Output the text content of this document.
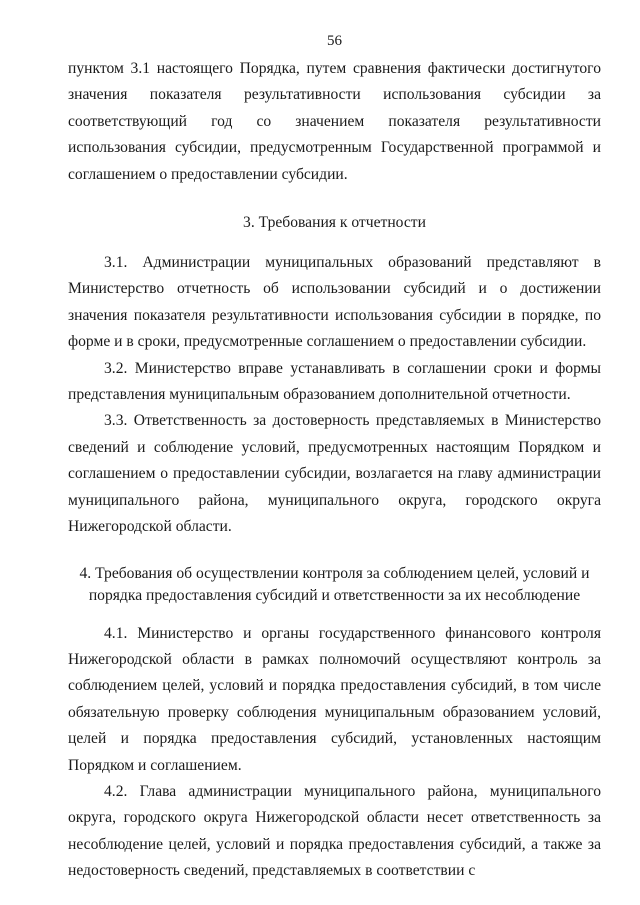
56

пунктом 3.1 настоящего Порядка, путем сравнения фактически достигнутого значения показателя результативности использования субсидии за соответствующий год со значением показателя результативности использования субсидии, предусмотренным Государственной программой и соглашением о предоставлении субсидии.

3. Требования к отчетности

3.1. Администрации муниципальных образований представляют в Министерство отчетность об использовании субсидий и о достижении значения показателя результативности использования субсидии в порядке, по форме и в сроки, предусмотренные соглашением о предоставлении субсидии.

3.2. Министерство вправе устанавливать в соглашении сроки и формы представления муниципальным образованием дополнительной отчетности.

3.3. Ответственность за достоверность представляемых в Министерство сведений и соблюдение условий, предусмотренных настоящим Порядком и соглашением о предоставлении субсидии, возлагается на главу администрации муниципального района, муниципального округа, городского округа Нижегородской области.

4. Требования об осуществлении контроля за соблюдением целей, условий и
порядка предоставления субсидий и ответственности за их несоблюдение

4.1. Министерство и органы государственного финансового контроля Нижегородской области в рамках полномочий осуществляют контроль за соблюдением целей, условий и порядка предоставления субсидий, в том числе обязательную проверку соблюдения муниципальным образованием условий, целей и порядка предоставления субсидий, установленных настоящим Порядком и соглашением.

4.2. Глава администрации муниципального района, муниципального округа, городского округа Нижегородской области несет ответственность за несоблюдение целей, условий и порядка предоставления субсидий, а также за недостоверность сведений, представляемых в соответствии с
